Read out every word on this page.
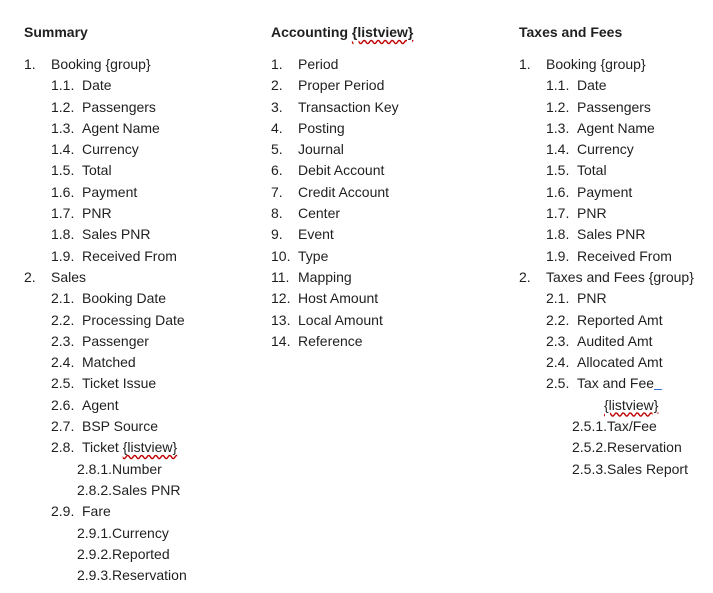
Summary
1. Booking {group}
1.1. Date
1.2. Passengers
1.3. Agent Name
1.4. Currency
1.5. Total
1.6. Payment
1.7. PNR
1.8. Sales PNR
1.9. Received From
2. Sales
2.1. Booking Date
2.2. Processing Date
2.3. Passenger
2.4. Matched
2.5. Ticket Issue
2.6. Agent
2.7. BSP Source
2.8. Ticket {listview}
2.8.1.Number
2.8.2.Sales PNR
2.9. Fare
2.9.1.Currency
2.9.2.Reported
2.9.3.Reservation
Accounting {listview}
1. Period
2. Proper Period
3. Transaction Key
4. Posting
5. Journal
6. Debit Account
7. Credit Account
8. Center
9. Event
10. Type
11. Mapping
12. Host Amount
13. Local Amount
14. Reference
Taxes and Fees
1. Booking {group}
1.1. Date
1.2. Passengers
1.3. Agent Name
1.4. Currency
1.5. Total
1.6. Payment
1.7. PNR
1.8. Sales PNR
1.9. Received From
2. Taxes and Fees {group}
2.1. PNR
2.2. Reported Amt
2.3. Audited Amt
2.4. Allocated Amt
2.5. Tax and Fee
{listview}
2.5.1.Tax/Fee
2.5.2.Reservation
2.5.3.Sales Report
